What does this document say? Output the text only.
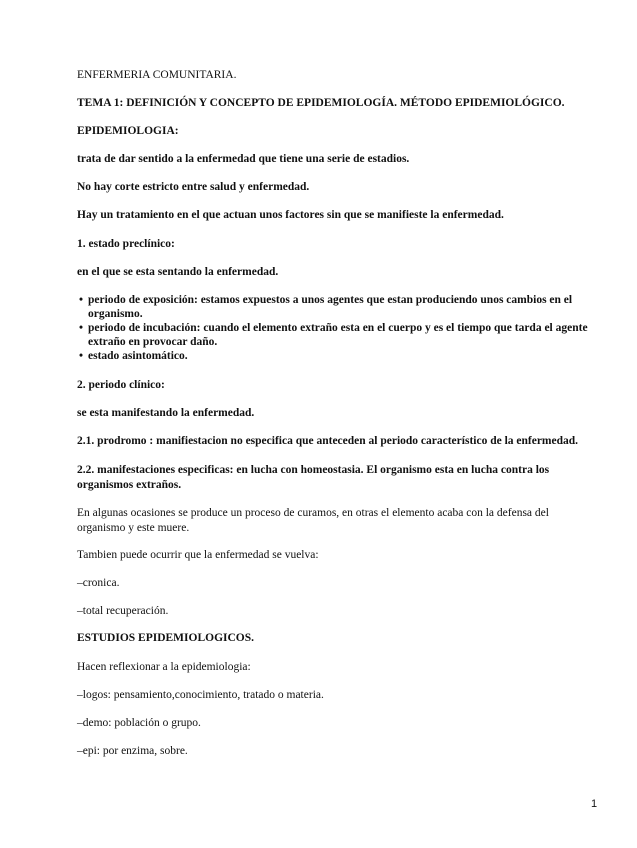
ENFERMERIA COMUNITARIA.
TEMA 1: DEFINICIÓN Y CONCEPTO DE EPIDEMIOLOGÍA. MÉTODO EPIDEMIOLÓGICO.
EPIDEMIOLOGIA:
trata de dar sentido a la enfermedad que tiene una serie de estadios.
No hay corte estricto entre salud y enfermedad.
Hay un tratamiento en el que actuan unos factores sin que se manifieste la enfermedad.
1. estado preclínico:
en el que se esta sentando la enfermedad.
• periodo de exposición: estamos expuestos a unos agentes que estan produciendo unos cambios en el organismo.
• periodo de incubación: cuando el elemento extraño esta en el cuerpo y es el tiempo que tarda el agente extraño en provocar daño.
• estado asintomático.
2. periodo clínico:
se esta manifestando la enfermedad.
2.1. prodromo : manifiestacion no especifica que anteceden al periodo característico de la enfermedad.
2.2. manifestaciones especificas: en lucha con homeostasia. El organismo esta en lucha contra los organismos extraños.
En algunas ocasiones se produce un proceso de curamos, en otras el elemento acaba con la defensa del organismo y este muere.
Tambien puede ocurrir que la enfermedad se vuelva:
–cronica.
–total recuperación.
ESTUDIOS EPIDEMIOLOGICOS.
Hacen reflexionar a la epidemiologia:
–logos: pensamiento,conocimiento, tratado o materia.
–demo: población o grupo.
–epi: por enzima, sobre.
1
